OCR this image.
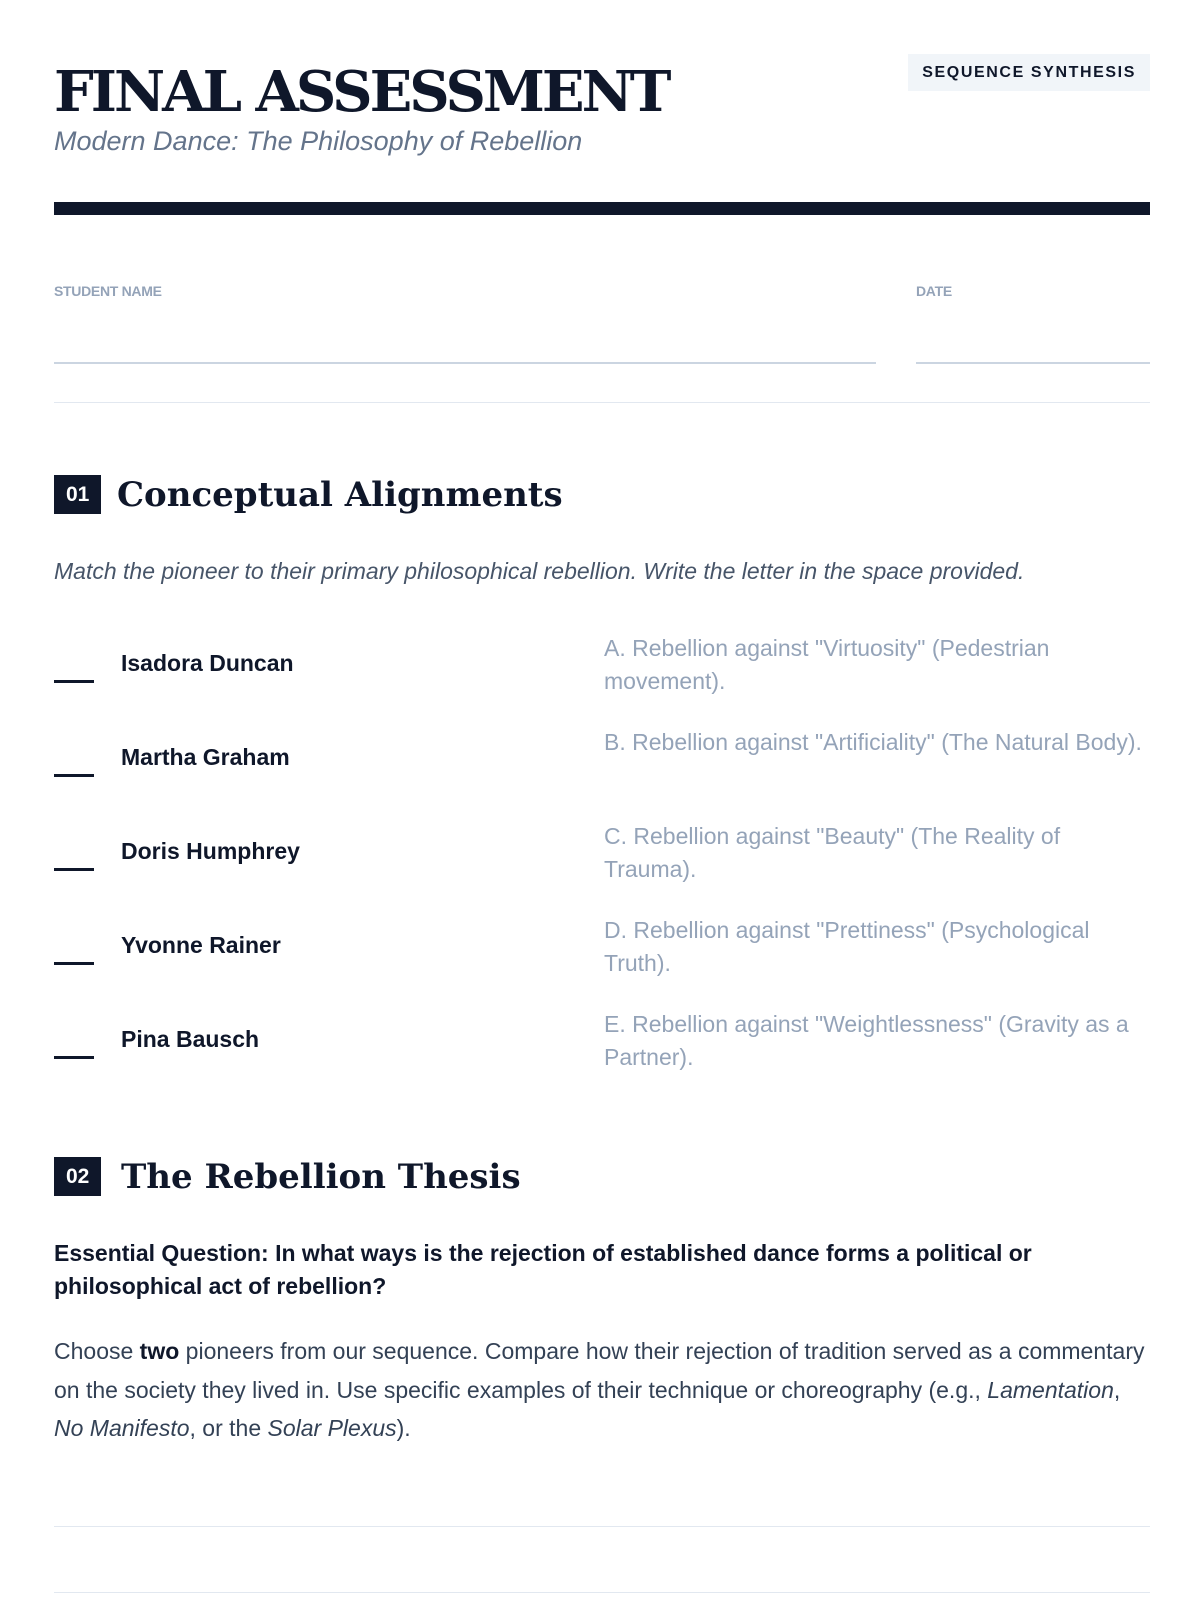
FINAL ASSESSMENT
Modern Dance: The Philosophy of Rebellion
SEQUENCE SYNTHESIS
STUDENT NAME	DATE
01 Conceptual Alignments
Match the pioneer to their primary philosophical rebellion. Write the letter in the space provided.
Isadora Duncan
A. Rebellion against "Virtuosity" (Pedestrian movement).
Martha Graham
B. Rebellion against "Artificiality" (The Natural Body).
Doris Humphrey
C. Rebellion against "Beauty" (The Reality of Trauma).
Yvonne Rainer
D. Rebellion against "Prettiness" (Psychological Truth).
Pina Bausch
E. Rebellion against "Weightlessness" (Gravity as a Partner).
02 The Rebellion Thesis
Essential Question: In what ways is the rejection of established dance forms a political or philosophical act of rebellion?
Choose two pioneers from our sequence. Compare how their rejection of tradition served as a commentary on the society they lived in. Use specific examples of their technique or choreography (e.g., Lamentation, No Manifesto, or the Solar Plexus).
